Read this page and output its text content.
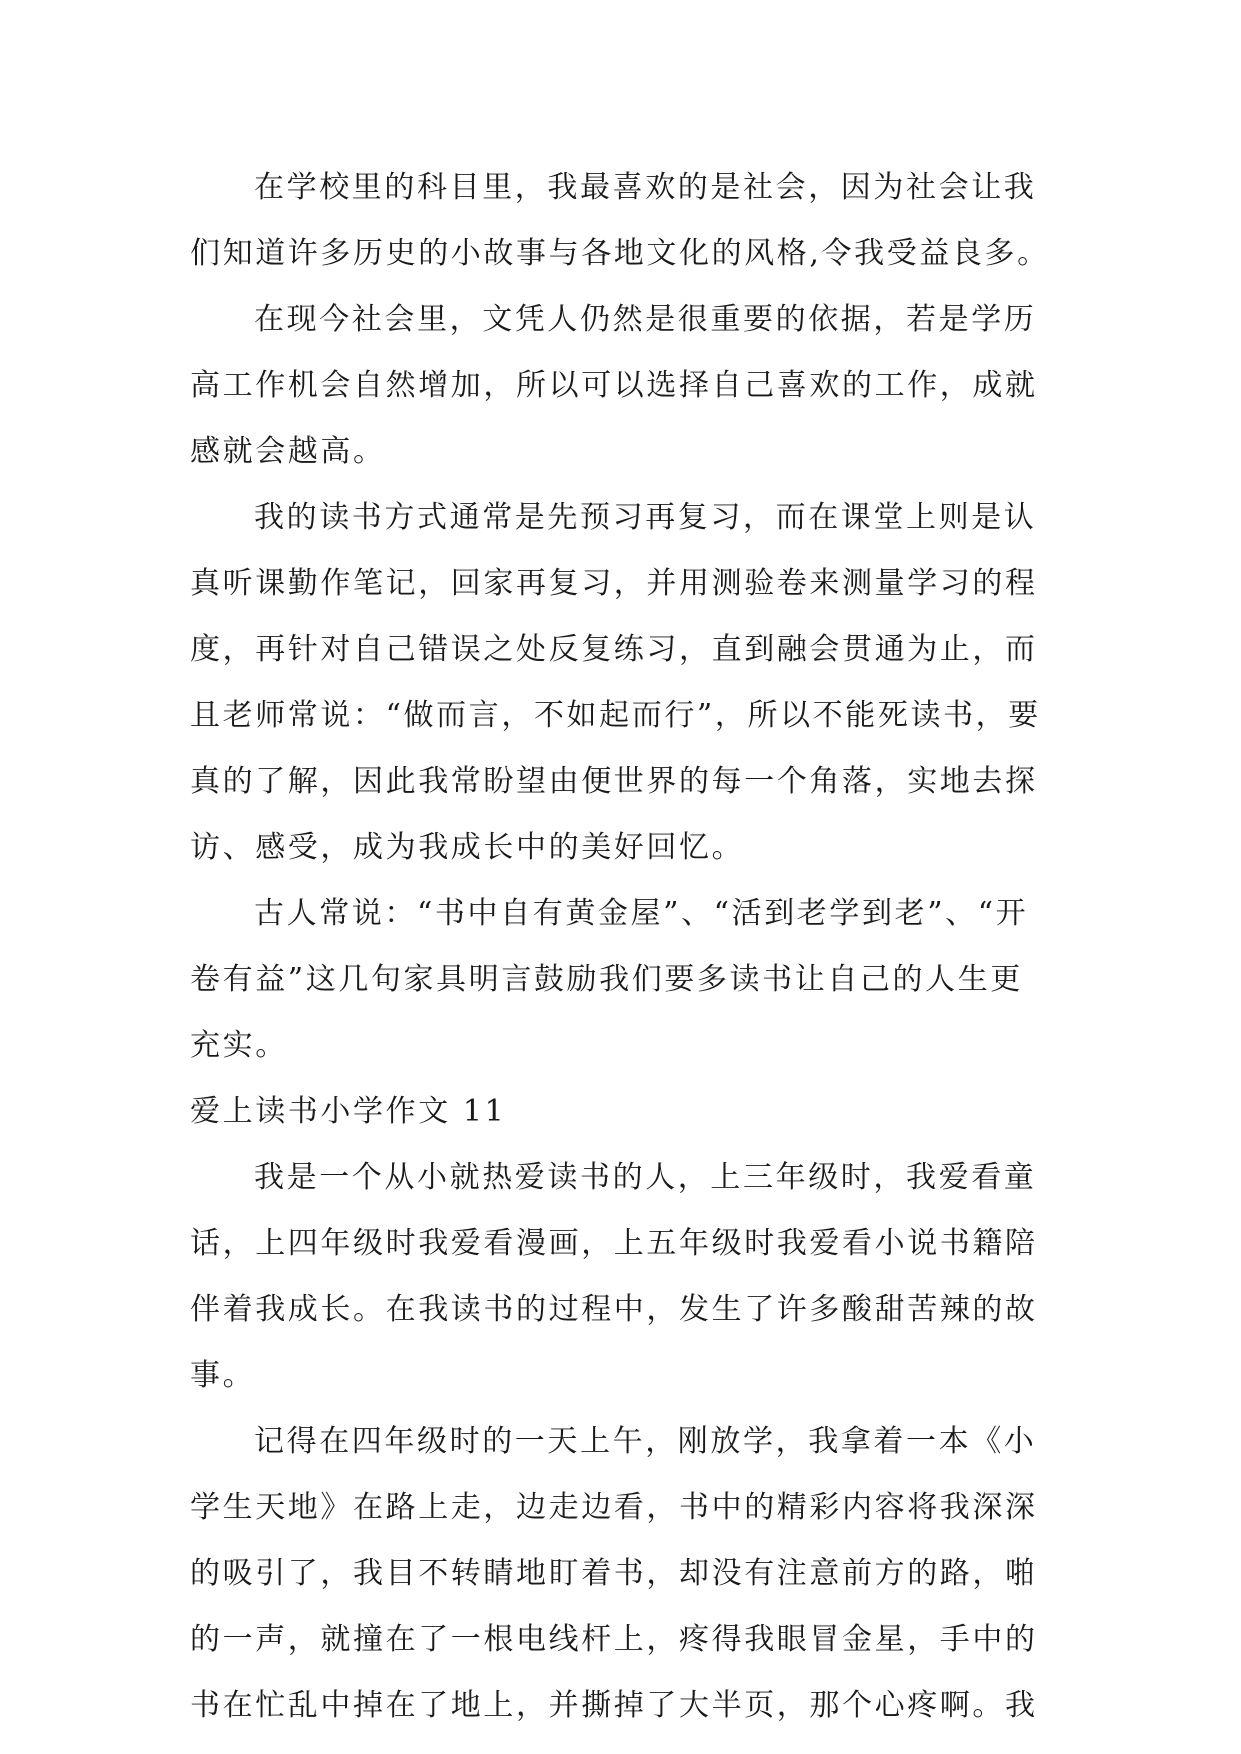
在学校里的科目里，我最喜欢的是社会，因为社会让我
们知道许多历史的小故事与各地文化的风格,令我受益良多。
在现今社会里，文凭人仍然是很重要的依据，若是学历
高工作机会自然增加，所以可以选择自己喜欢的工作，成就
感就会越高。
我的读书方式通常是先预习再复习，而在课堂上则是认
真听课勤作笔记，回家再复习，并用测验卷来测量学习的程
度，再针对自己错误之处反复练习，直到融会贯通为止，而
且老师常说：“做而言，不如起而行”，所以不能死读书，要
真的了解，因此我常盼望由便世界的每一个角落，实地去探
访、感受，成为我成长中的美好回忆。
古人常说：“书中自有黄金屋”、“活到老学到老”、“开
卷有益”这几句家具明言鼓励我们要多读书让自己的人生更
充实。
爱上读书小学作文 11
我是一个从小就热爱读书的人，上三年级时，我爱看童
话，上四年级时我爱看漫画，上五年级时我爱看小说书籍陪
伴着我成长。在我读书的过程中，发生了许多酸甜苦辣的故
事。
记得在四年级时的一天上午，刚放学，我拿着一本《小
学生天地》在路上走，边走边看，书中的精彩内容将我深深
的吸引了，我目不转睛地盯着书，却没有注意前方的路，啪
的一声，就撞在了一根电线杆上，疼得我眼冒金星，手中的
书在忙乱中掉在了地上，并撕掉了大半页，那个心疼啊。我
